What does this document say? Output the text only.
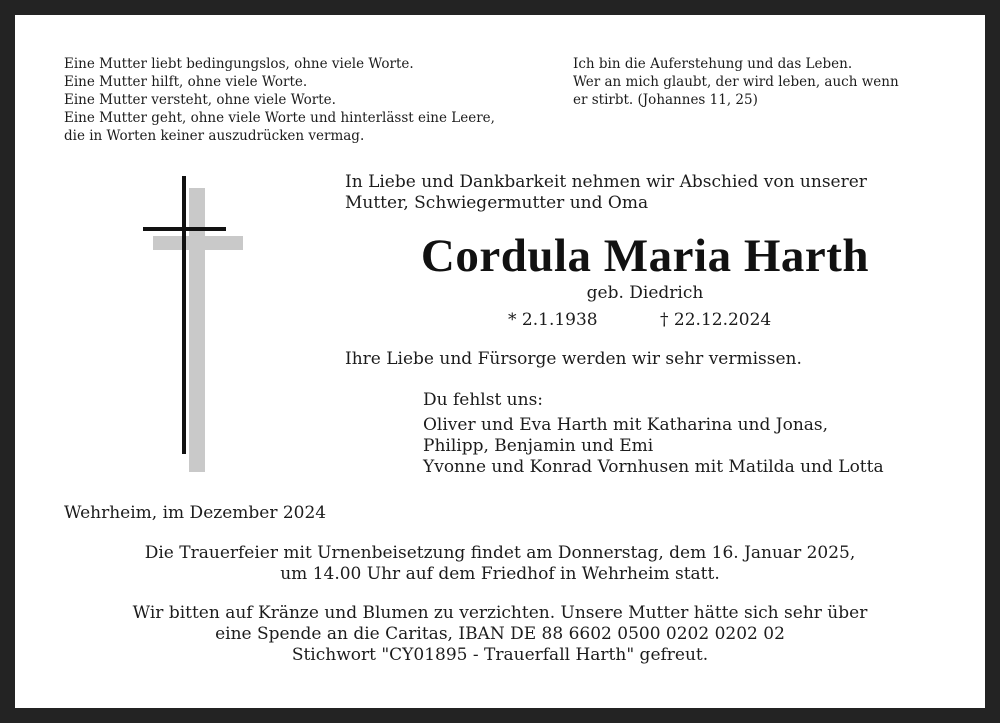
Eine Mutter liebt bedingungslos, ohne viele Worte.
Eine Mutter hilft, ohne viele Worte.
Eine Mutter versteht, ohne viele Worte.
Eine Mutter geht, ohne viele Worte und hinterlässt eine Leere,
die in Worten keiner auszudrücken vermag.
Ich bin die Auferstehung und das Leben.
Wer an mich glaubt, der wird leben, auch wenn
er stirbt. (Johannes 11, 25)
In Liebe und Dankbarkeit nehmen wir Abschied von unserer
Mutter, Schwiegermutter und Oma
Cordula Maria Harth
geb. Diedrich
* 2.1.1938	† 22.12.2024
Ihre Liebe und Fürsorge werden wir sehr vermissen.
Du fehlst uns:
Oliver und Eva Harth mit Katharina und Jonas,
Philipp, Benjamin und Emi
Yvonne und Konrad Vornhusen mit Matilda und Lotta
Wehrheim, im Dezember 2024
Die Trauerfeier mit Urnenbeisetzung findet am Donnerstag, dem 16. Januar 2025,
um 14.00 Uhr auf dem Friedhof in Wehrheim statt.
Wir bitten auf Kränze und Blumen zu verzichten. Unsere Mutter hätte sich sehr über
eine Spende an die Caritas, IBAN DE 88 6602 0500 0202 0202 02
Stichwort "CY01895 - Trauerfall Harth" gefreut.
